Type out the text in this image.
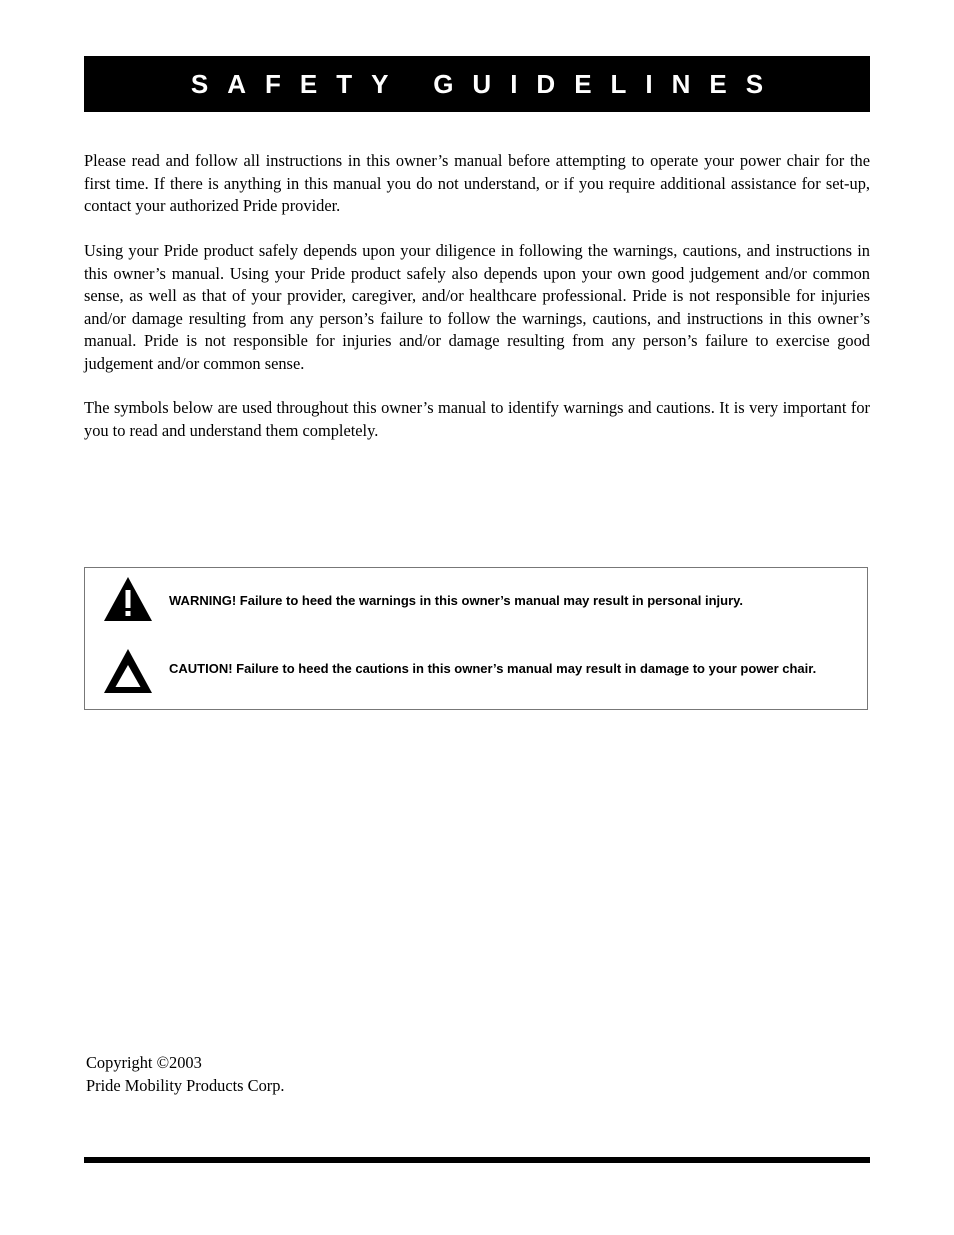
SAFETY GUIDELINES

Please read and follow all instructions in this owner’s manual before attempting to operate your power chair for the first time. If there is anything in this manual you do not understand, or if you require additional assistance for set-up, contact your authorized Pride provider.

Using your Pride product safely depends upon your diligence in following the warnings, cautions, and instructions in this owner’s manual. Using your Pride product safely also depends upon your own good judgement and/or common sense, as well as that of your provider, caregiver, and/or healthcare professional. Pride is not responsible for injuries and/or damage resulting from any person’s failure to follow the warnings, cautions, and instructions in this owner’s manual. Pride is not responsible for injuries and/or damage resulting from any person’s failure to exercise good judgement and/or common sense.

The symbols below are used throughout this owner’s manual to identify warnings and cautions. It is very important for you to read and understand them completely.

WARNING! Failure to heed the warnings in this owner’s manual may result in personal injury.

CAUTION! Failure to heed the cautions in this owner’s manual may result in damage to your power chair.

Copyright ©2003
Pride Mobility Products Corp.
